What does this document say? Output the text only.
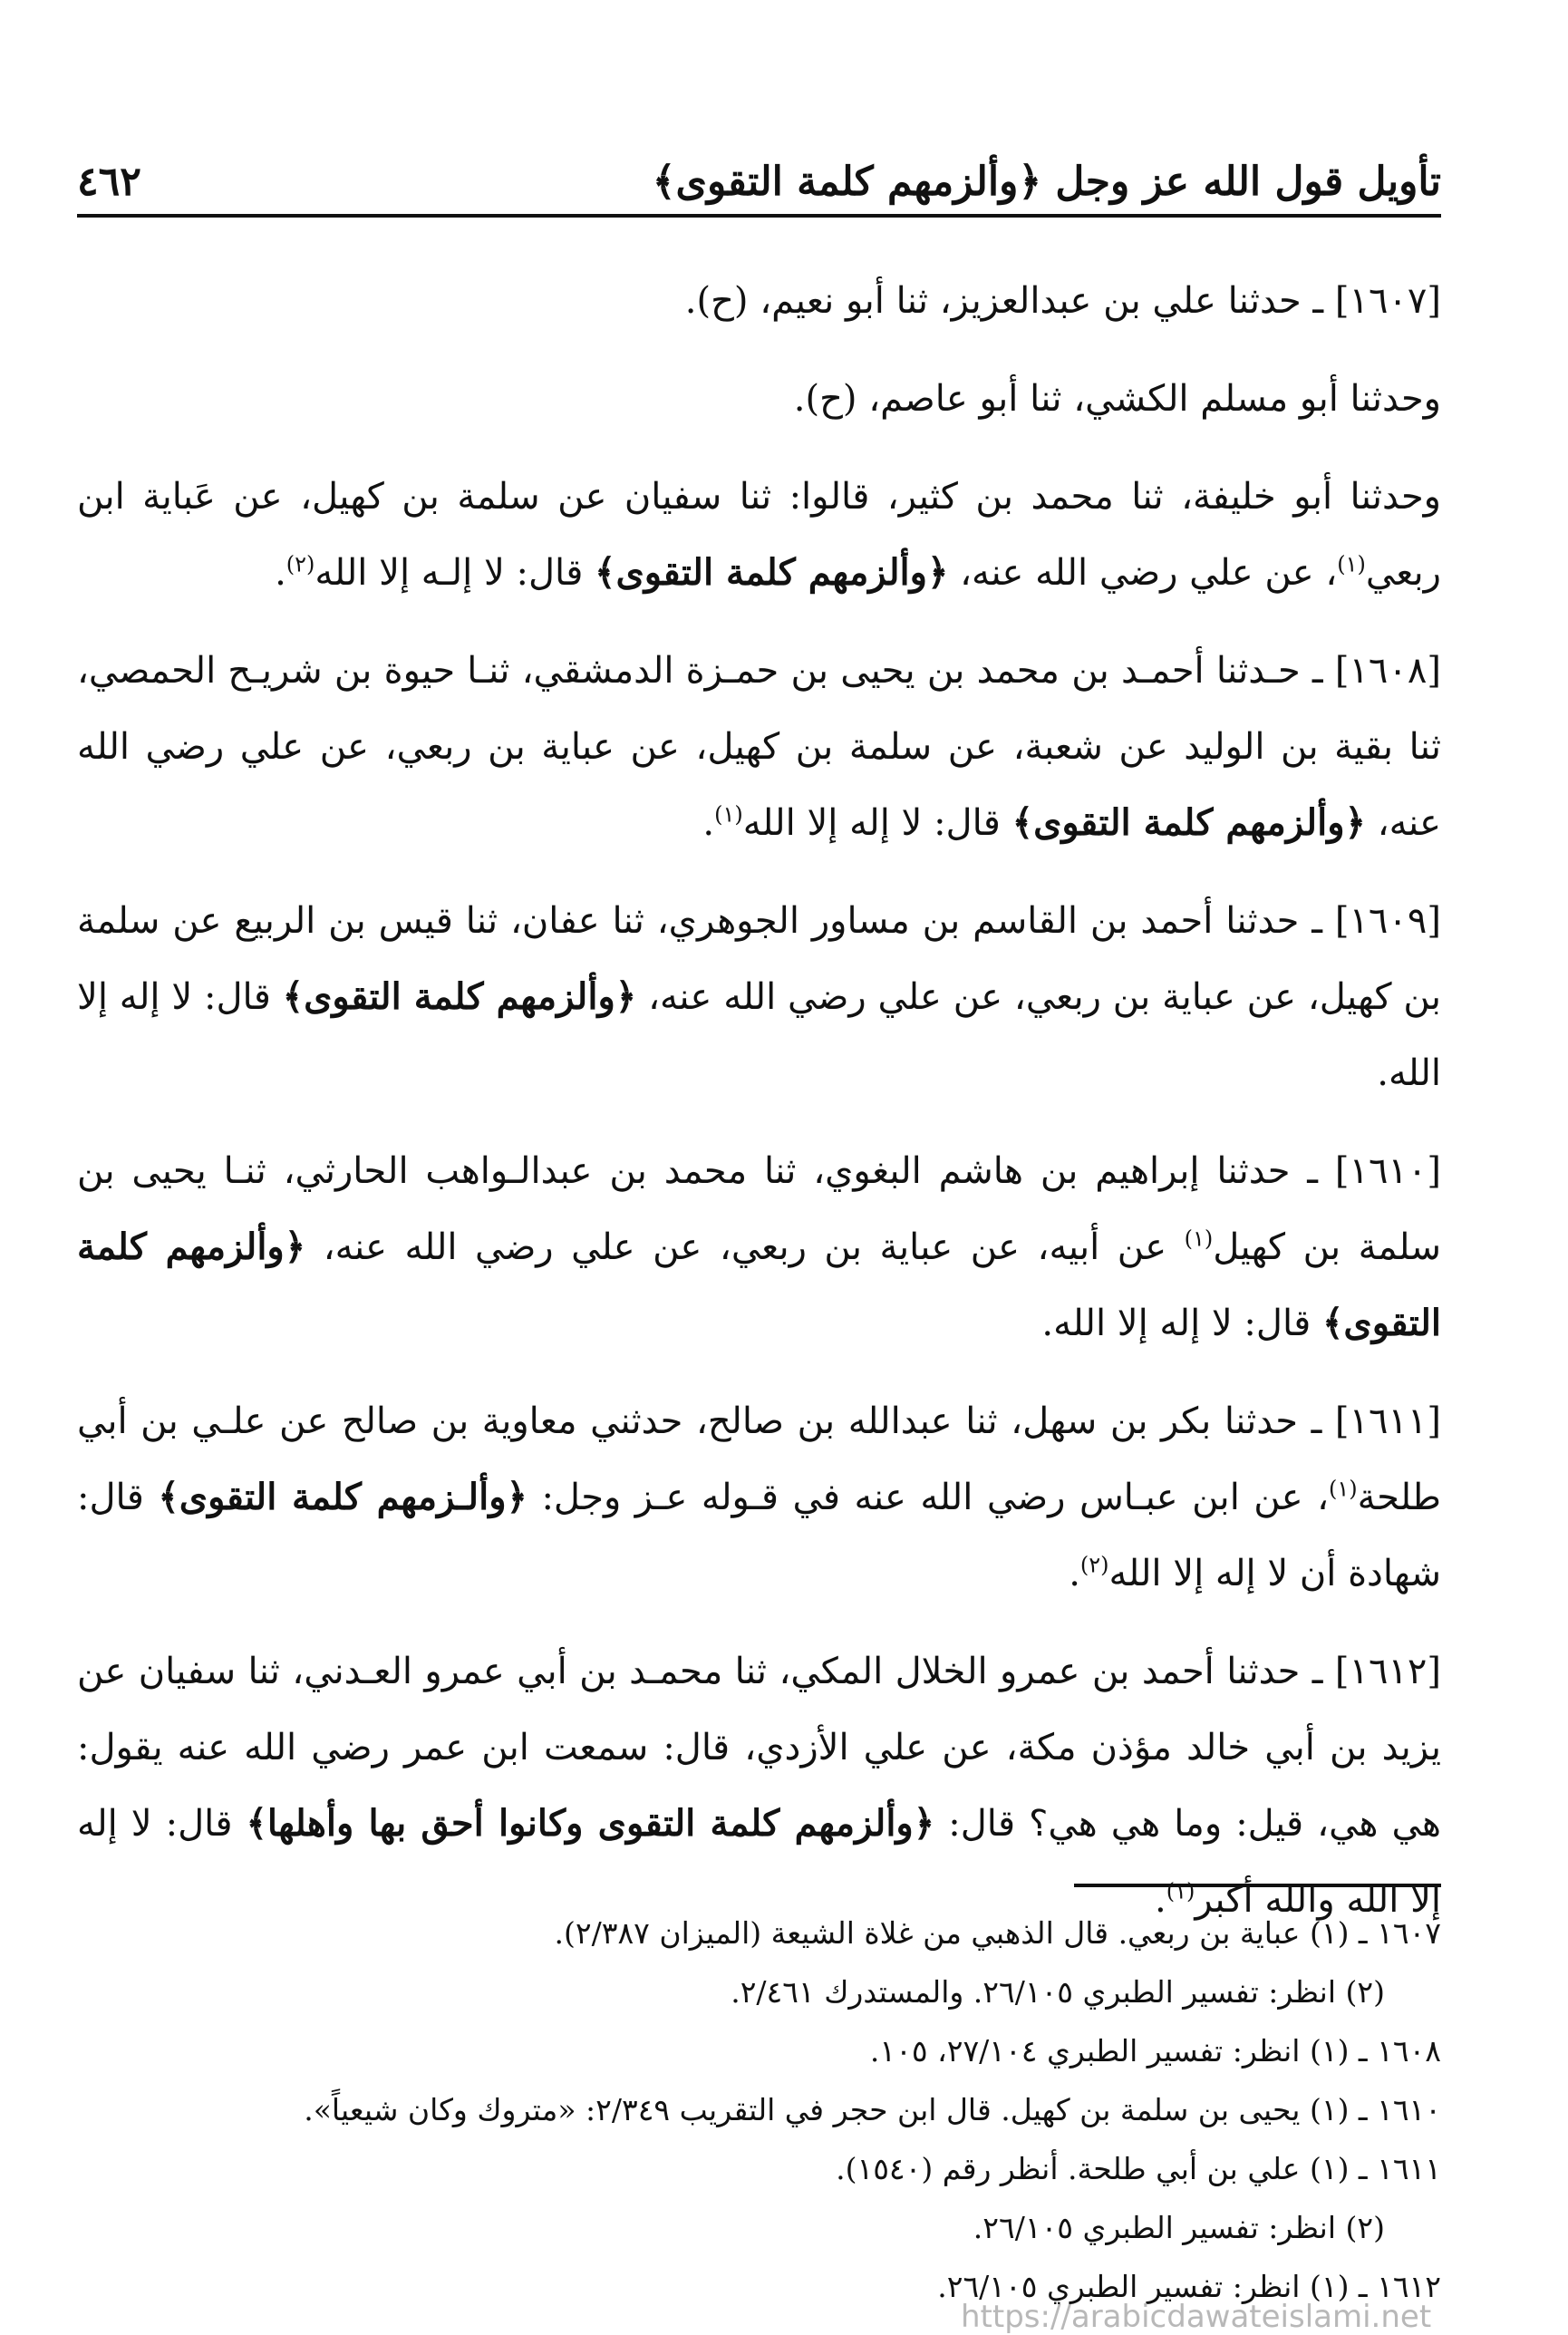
تأويل قول الله عز وجل ﴿وألزمهم كلمة التقوى﴾
٤٦٢

[١٦٠٧] ـ حدثنا علي بن عبدالعزيز، ثنا أبو نعيم، (ح).

وحدثنا أبو مسلم الكشي، ثنا أبو عاصم، (ح).

وحدثنا أبو خليفة، ثنا محمد بن كثير، قالوا: ثنا سفيان عن سلمة بن كهيل، عن عَباية ابن ربعي$^{(١)}$، عن علي رضي الله عنه، ﴿وألزمهم كلمة التقوى﴾ قال: لا إلـه إلا الله$^{(٢)}$.

[١٦٠٨] ـ حـدثنا أحمـد بن محمد بن يحيى بن حمـزة الدمشقي، ثنـا حيوة بن شريـح الحمصي، ثنا بقية بن الوليد عن شعبة، عن سلمة بن كهيل، عن عباية بن ربعي، عن علي رضي الله عنه، ﴿وألزمهم كلمة التقوى﴾ قال: لا إله إلا الله$^{(١)}$.

[١٦٠٩] ـ حدثنا أحمد بن القاسم بن مساور الجوهري، ثنا عفان، ثنا قيس بن الربيع عن سلمة بن كهيل، عن عباية بن ربعي، عن علي رضي الله عنه، ﴿وألزمهم كلمة التقوى﴾ قال: لا إله إلا الله.

[١٦١٠] ـ حدثنا إبراهيم بن هاشم البغوي، ثنا محمد بن عبدالـواهب الحارثي، ثنـا يحيى بن سلمة بن كهيل$^{(١)}$ عن أبيه، عن عباية بن ربعي، عن علي رضي الله عنه، ﴿وألزمهم كلمة التقوى﴾ قال: لا إله إلا الله.

[١٦١١] ـ حدثنا بكر بن سهل، ثنا عبدالله بن صالح، حدثني معاوية بن صالح عن علـي بن أبي طلحة$^{(١)}$، عن ابن عبـاس رضي الله عنه في قـوله عـز وجل: ﴿وألـزمهم كلمة التقوى﴾ قال: شهادة أن لا إله إلا الله$^{(٢)}$.

[١٦١٢] ـ حدثنا أحمد بن عمرو الخلال المكي، ثنا محمـد بن أبي عمرو العـدني، ثنا سفيان عن يزيد بن أبي خالد مؤذن مكة، عن علي الأزدي، قال: سمعت ابن عمر رضي الله عنه يقول: هي هي، قيل: وما هي هي؟ قال: ﴿وألزمهم كلمة التقوى وكانوا أحق بها وأهلها﴾ قال: لا إله إلا الله والله أكبر$^{(١)}$.

١٦٠٧ ـ (١) عباية بن ربعي. قال الذهبي من غلاة الشيعة (الميزان ٢/٣٨٧).
(٢) انظر: تفسير الطبري ٢٦/١٠٥. والمستدرك ٢/٤٦١.
١٦٠٨ ـ (١) انظر: تفسير الطبري ٢٧/١٠٤، ١٠٥.
١٦١٠ ـ (١) يحيى بن سلمة بن كهيل. قال ابن حجر في التقريب ٢/٣٤٩: «متروك وكان شيعياً».
١٦١١ ـ (١) علي بن أبي طلحة. أنظر رقم (١٥٤٠).
(٢) انظر: تفسير الطبري ٢٦/١٠٥.
١٦١٢ ـ (١) انظر: تفسير الطبري ٢٦/١٠٥.
https://arabicdawateislami.net
